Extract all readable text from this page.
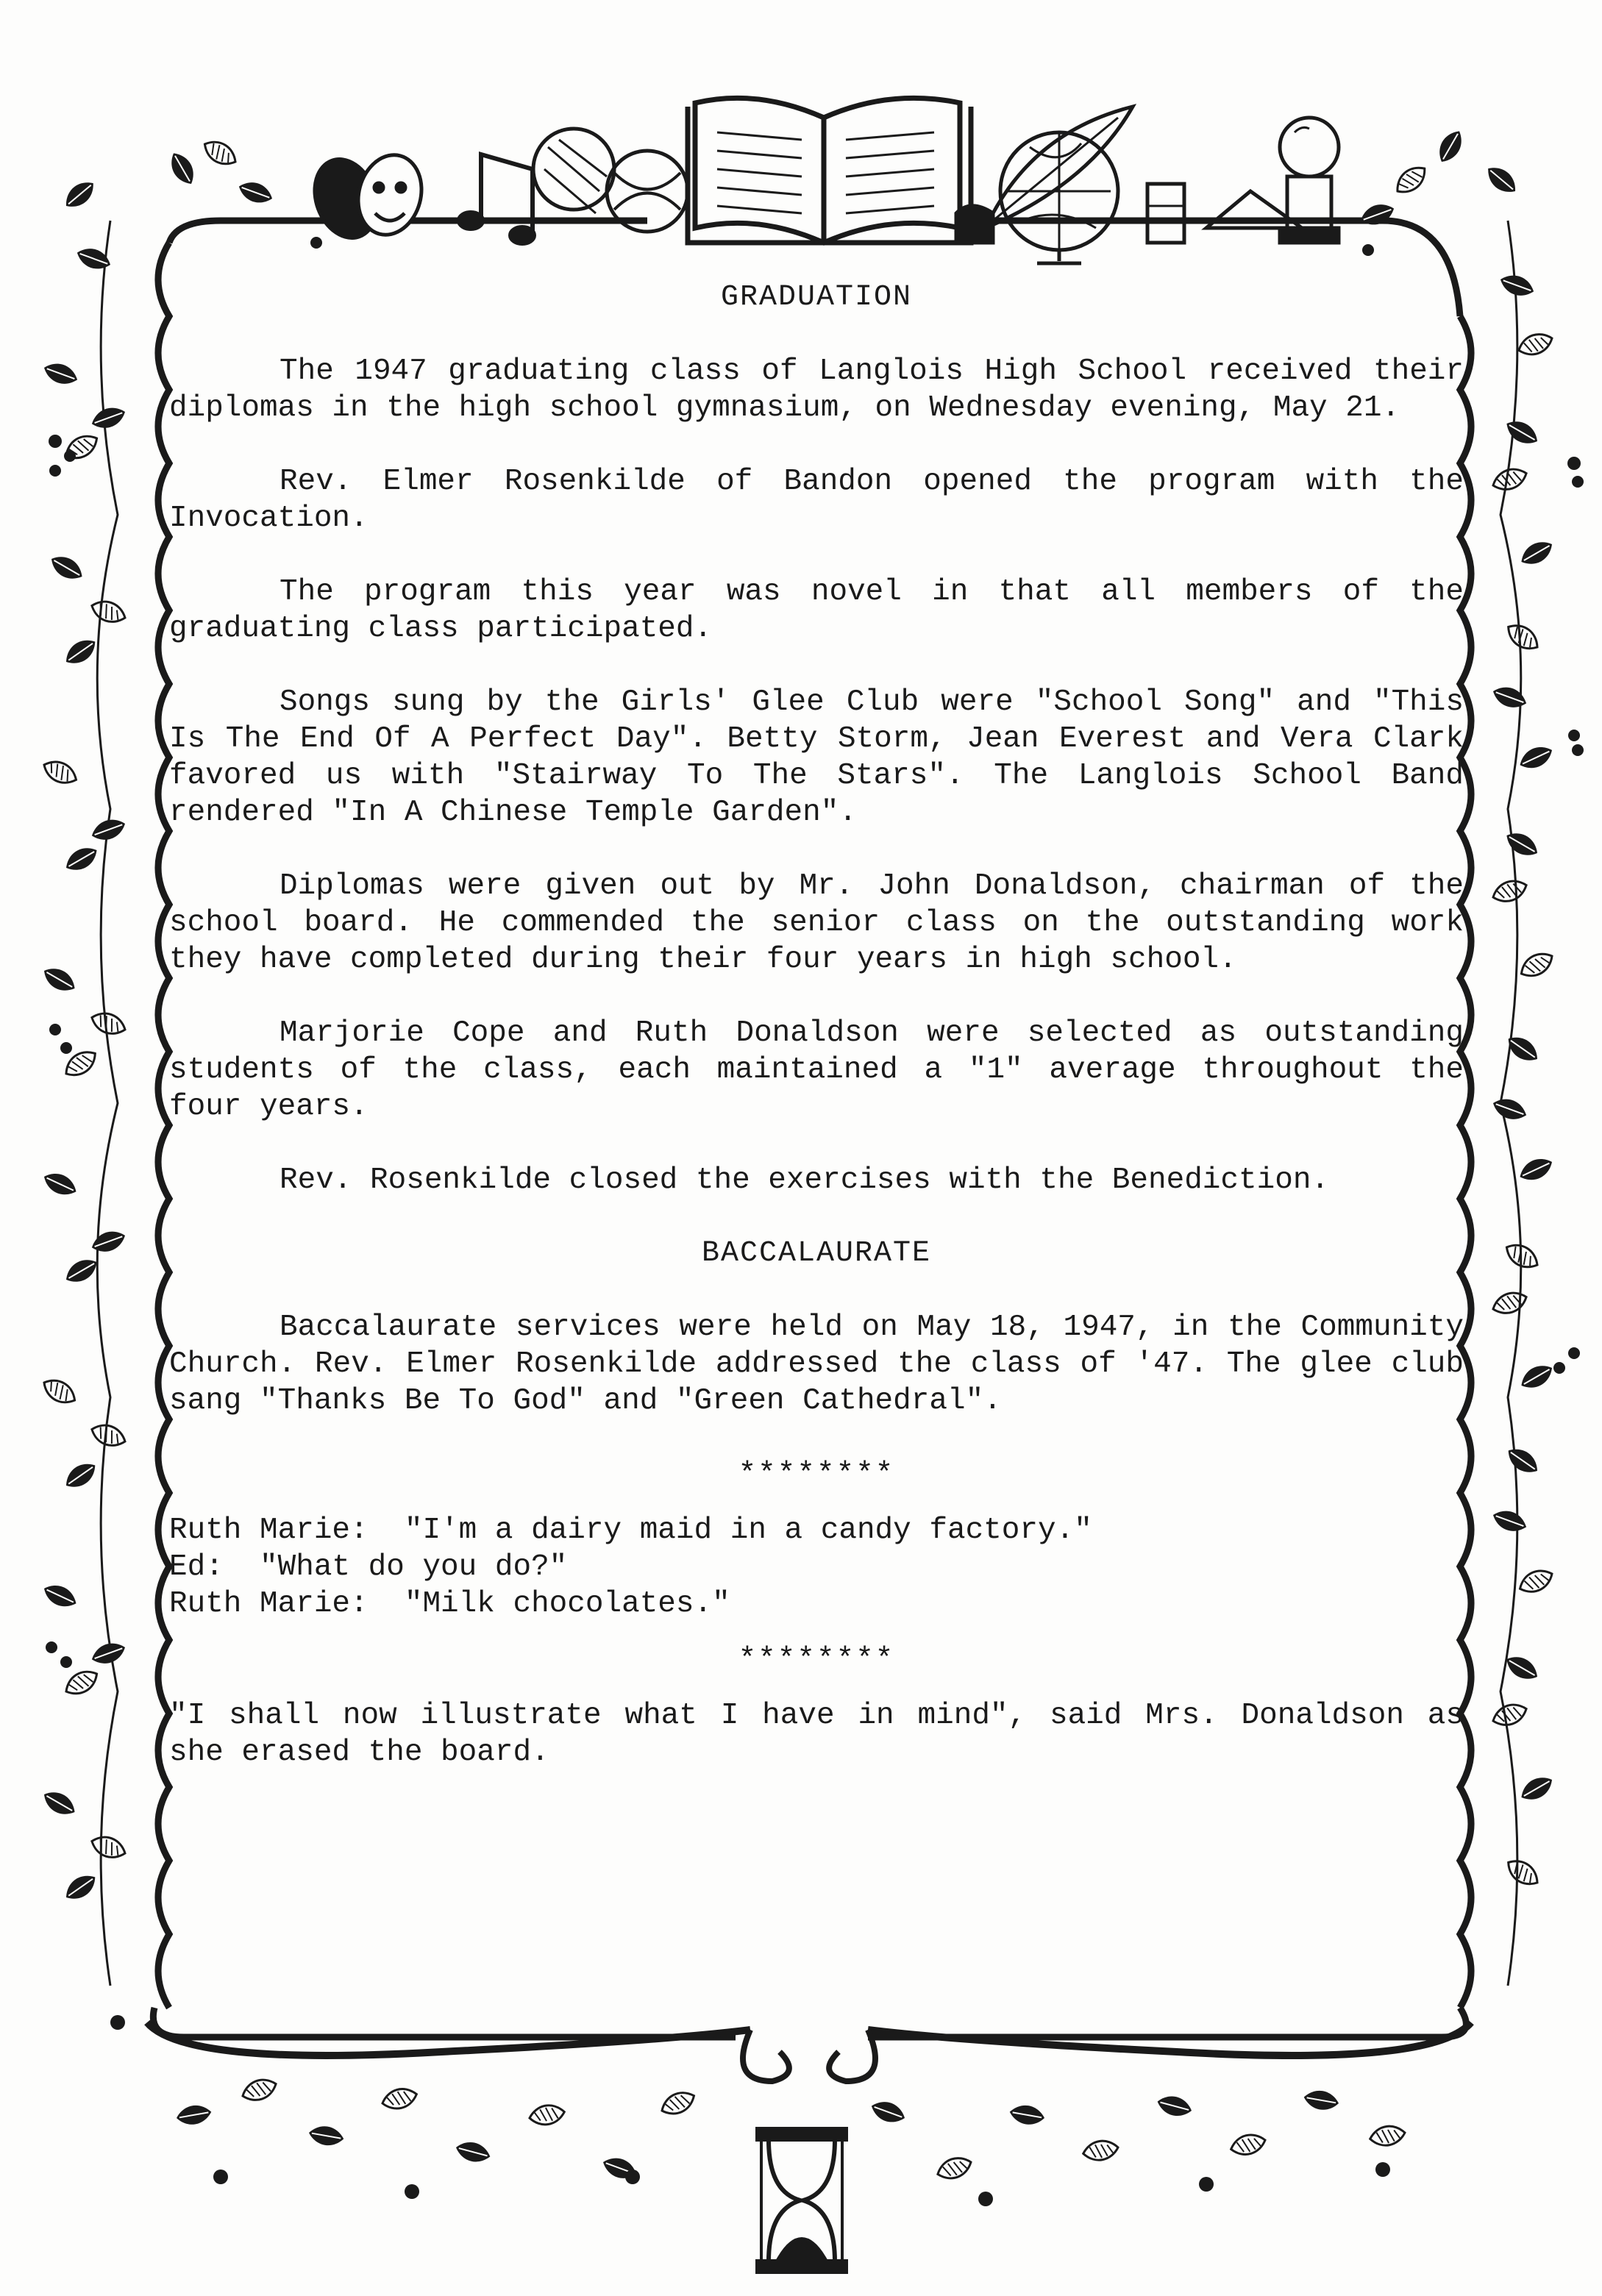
GRADUATION

The 1947 graduating class of Langlois High School received their diplomas in the high school gymnasium, on Wednesday evening, May 21.

Rev. Elmer Rosenkilde of Bandon opened the program with the Invocation.

The program this year was novel in that all members of the graduating class participated.

Songs sung by the Girls' Glee Club were "School Song" and "This Is The End Of A Perfect Day". Betty Storm, Jean Everest and Vera Clark favored us with "Stairway To The Stars". The Langlois School Band rendered "In A Chinese Temple Garden".

Diplomas were given out by Mr. John Donaldson, chairman of the school board. He commended the senior class on the outstanding work they have completed during their four years in high school.

Marjorie Cope and Ruth Donaldson were selected as outstanding students of the class, each maintained a "1" average throughout the four years.

Rev. Rosenkilde closed the exercises with the Benediction.

BACCALAURATE

Baccalaurate services were held on May 18, 1947, in the Community Church. Rev. Elmer Rosenkilde addressed the class of '47. The glee club sang "Thanks Be To God" and "Green Cathedral".

********

Ruth Marie:  "I'm a dairy maid in a candy factory."

Ed:  "What do you do?"

Ruth Marie:  "Milk chocolates."

********

"I shall now illustrate what I have in mind", said Mrs. Donaldson as she erased the board.
